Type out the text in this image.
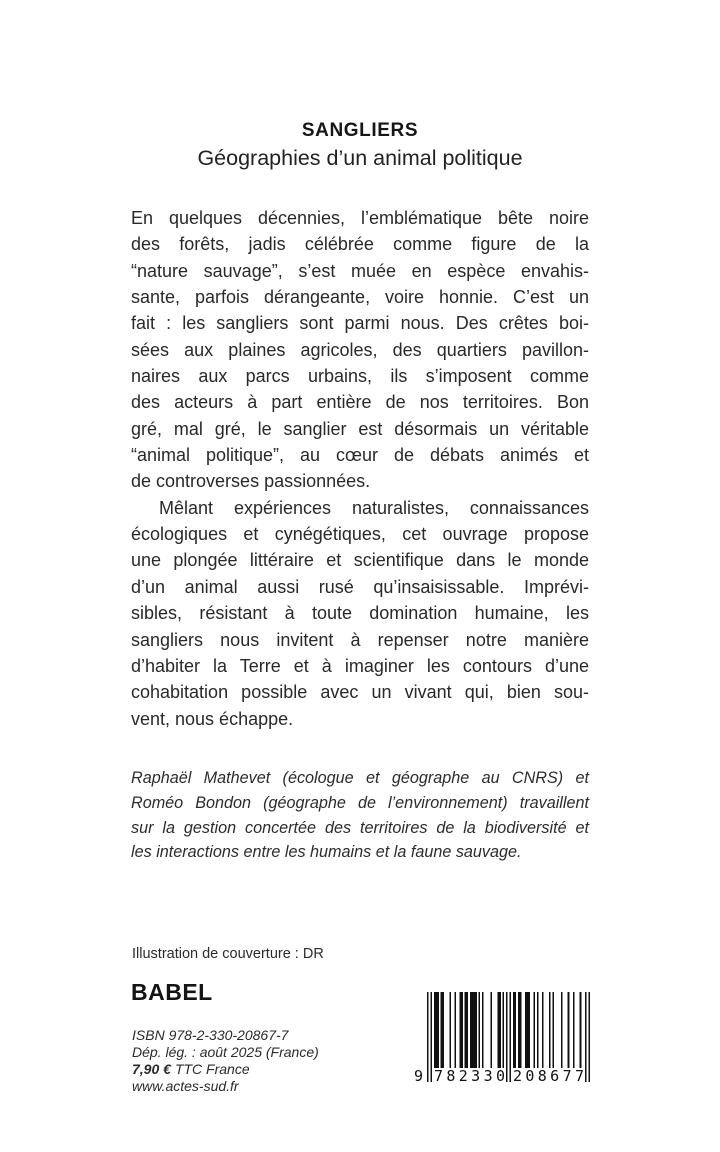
SANGLIERS
Géographies d’un animal politique
En quelques décennies, l’emblématique bête noire
des forêts, jadis célébrée comme figure de la
“nature sauvage”, s’est muée en espèce envahis-
sante, parfois dérangeante, voire honnie. C’est un
fait : les sangliers sont parmi nous. Des crêtes boi-
sées aux plaines agricoles, des quartiers pavillon-
naires aux parcs urbains, ils s’imposent comme
des acteurs à part entière de nos territoires. Bon
gré, mal gré, le sanglier est désormais un véritable
“animal politique”, au cœur de débats animés et
de controverses passionnées.
Mêlant expériences naturalistes, connaissances
écologiques et cynégétiques, cet ouvrage propose
une plongée littéraire et scientifique dans le monde
d’un animal aussi rusé qu’insaisissable. Imprévi-
sibles, résistant à toute domination humaine, les
sangliers nous invitent à repenser notre manière
d’habiter la Terre et à imaginer les contours d’une
cohabitation possible avec un vivant qui, bien sou-
vent, nous échappe.
Raphaël Mathevet (écologue et géographe au CNRS) et
Roméo Bondon (géographe de l’environnement) travaillent
sur la gestion concertée des territoires de la biodiversité et
les interactions entre les humains et la faune sauvage.
Illustration de couverture : DR
BABEL
ISBN 978-2-330-20867-7
Dép. lég. : août 2025 (France)
7,90 € TTC France
www.actes-sud.fr
9 7 8 2 3 3 0 2 0 8 6 7 7
